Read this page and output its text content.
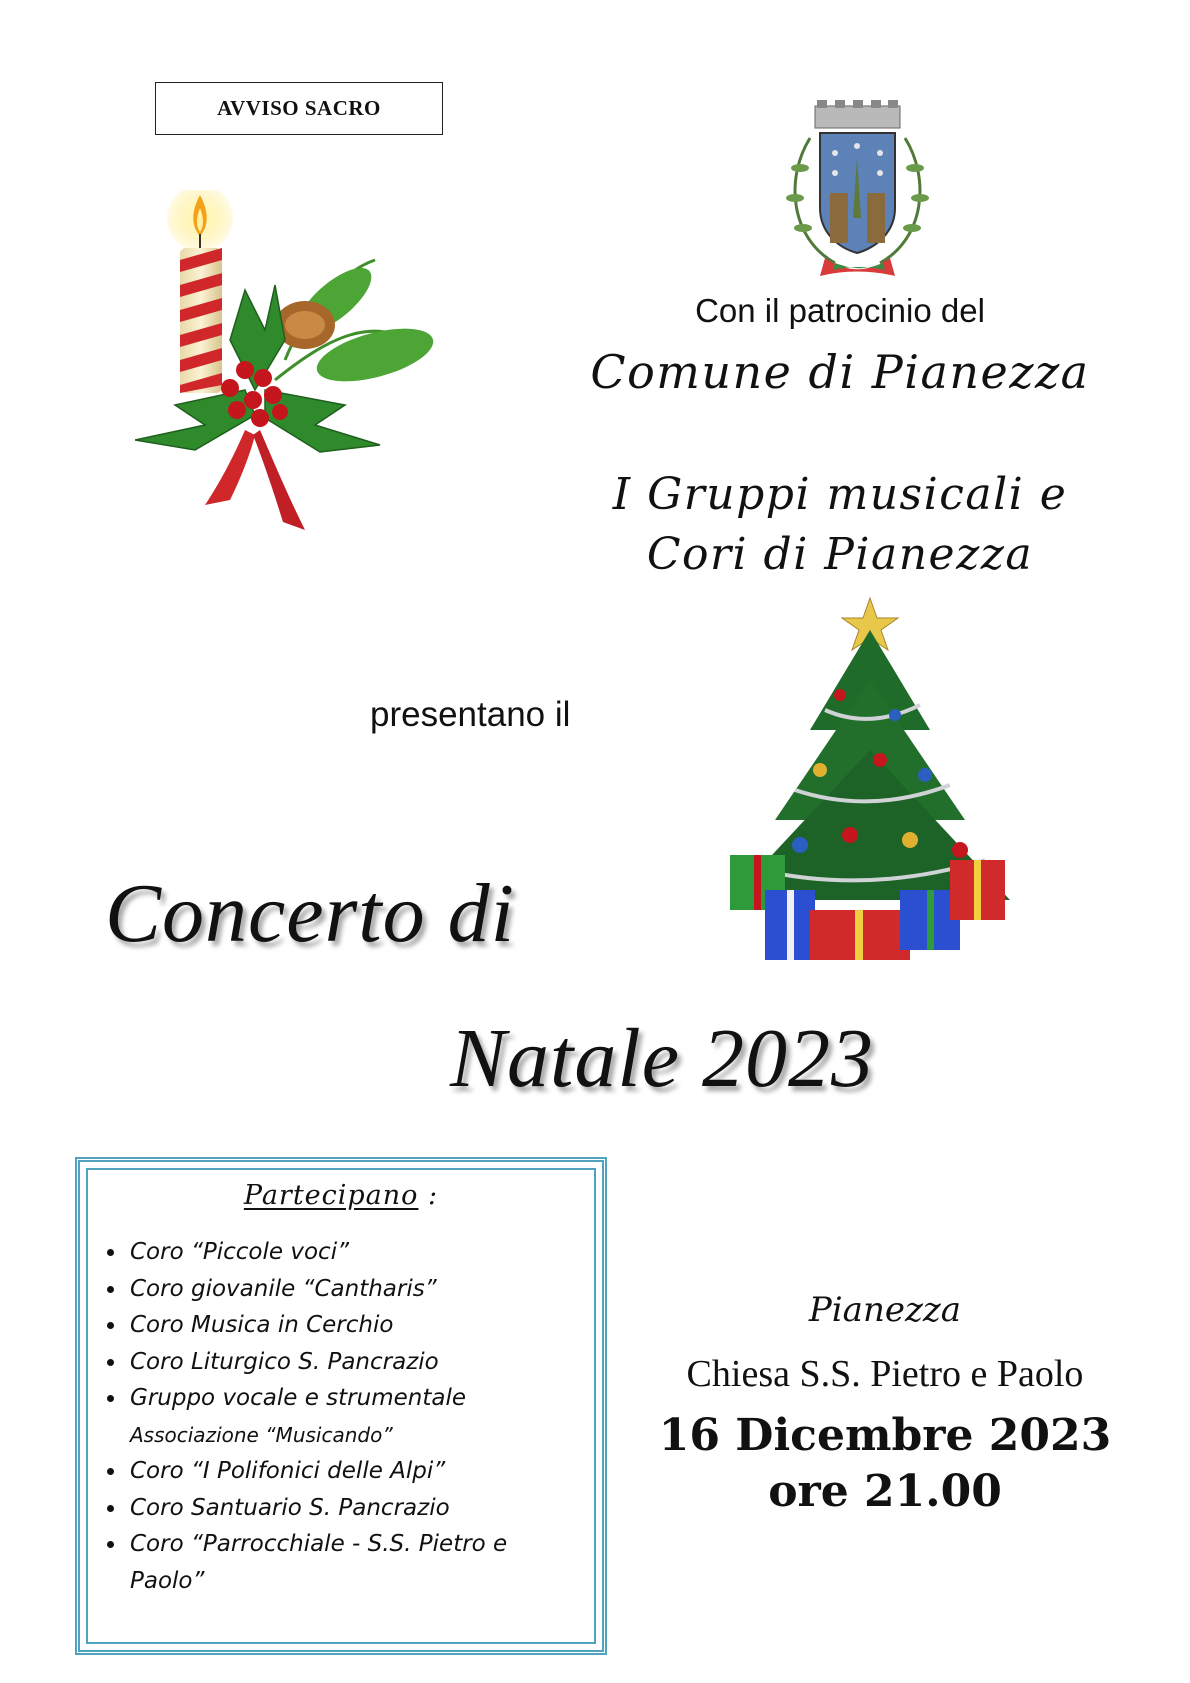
AVVISO SACRO
Con il patrocinio del
Comune di Pianezza
I Gruppi musicali e
Cori di Pianezza
presentano il
Concerto di
Natale 2023
Partecipano :
Coro “Piccole voci”
Coro giovanile “Cantharis”
Coro Musica in Cerchio
Coro Liturgico S. Pancrazio
Gruppo vocale e strumentale
Associazione “Musicando”
Coro “I Polifonici delle Alpi”
Coro Santuario S. Pancrazio
Coro “Parrocchiale - S.S. Pietro e
Paolo”
Pianezza
Chiesa S.S. Pietro e Paolo
16 Dicembre 2023
ore 21.00
